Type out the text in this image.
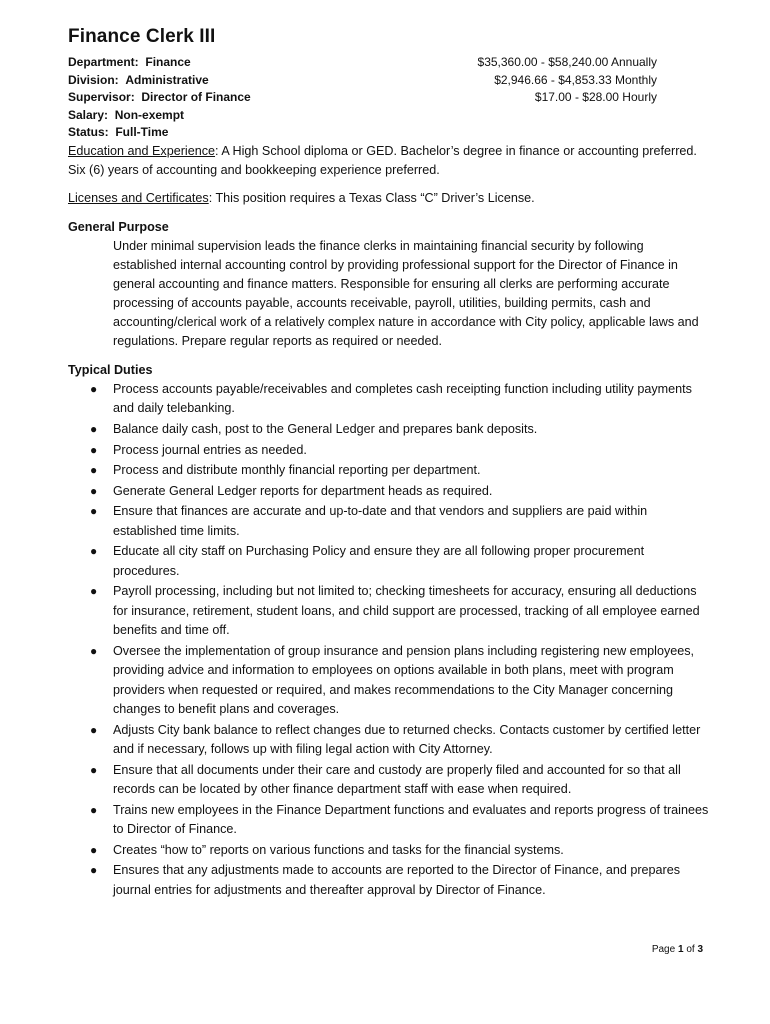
Finance Clerk III
Department: Finance
Division: Administrative
Supervisor: Director of Finance
Salary: Non-exempt
Status: Full-Time
$35,360.00 - $58,240.00 Annually
$2,946.66 - $4,853.33 Monthly
$17.00 - $28.00 Hourly

Education and Experience: A High School diploma or GED. Bachelor’s degree in finance or accounting preferred. Six (6) years of accounting and bookkeeping experience preferred.

Licenses and Certificates: This position requires a Texas Class “C” Driver’s License.

General Purpose

Under minimal supervision leads the finance clerks in maintaining financial security by following established internal accounting control by providing professional support for the Director of Finance in general accounting and finance matters. Responsible for ensuring all clerks are performing accurate processing of accounts payable, accounts receivable, payroll, utilities, building permits, cash and accounting/clerical work of a relatively complex nature in accordance with City policy, applicable laws and regulations. Prepare regular reports as required or needed.

Typical Duties
● Process accounts payable/receivables and completes cash receipting function including utility payments and daily telebanking.
● Balance daily cash, post to the General Ledger and prepares bank deposits.
● Process journal entries as needed.
● Process and distribute monthly financial reporting per department.
● Generate General Ledger reports for department heads as required.
● Ensure that finances are accurate and up-to-date and that vendors and suppliers are paid within established time limits.
● Educate all city staff on Purchasing Policy and ensure they are all following proper procurement procedures.
● Payroll processing, including but not limited to; checking timesheets for accuracy, ensuring all deductions for insurance, retirement, student loans, and child support are processed, tracking of all employee earned benefits and time off.
● Oversee the implementation of group insurance and pension plans including registering new employees, providing advice and information to employees on options available in both plans, meet with program providers when requested or required, and makes recommendations to the City Manager concerning changes to benefit plans and coverages.
● Adjusts City bank balance to reflect changes due to returned checks. Contacts customer by certified letter and if necessary, follows up with filing legal action with City Attorney.
● Ensure that all documents under their care and custody are properly filed and accounted for so that all records can be located by other finance department staff with ease when required.
● Trains new employees in the Finance Department functions and evaluates and reports progress of trainees to Director of Finance.
● Creates “how to” reports on various functions and tasks for the financial systems.
● Ensures that any adjustments made to accounts are reported to the Director of Finance, and prepares journal entries for adjustments and thereafter approval by Director of Finance.
Page 1 of 3
